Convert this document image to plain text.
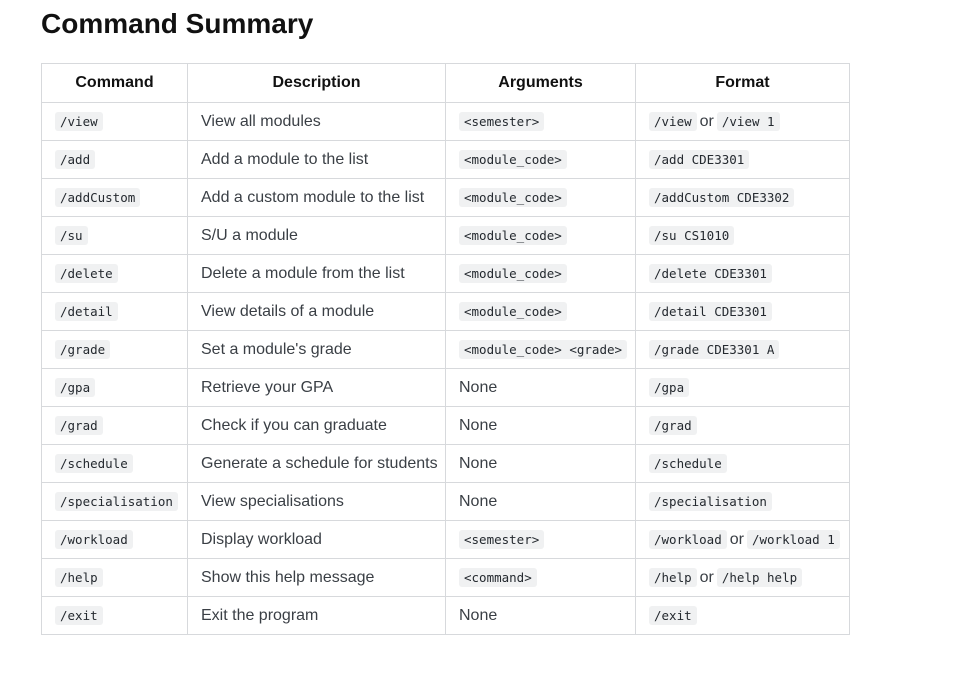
Command Summary
Command	Description	Arguments	Format
/view	View all modules	<semester>	/view or /view 1
/add	Add a module to the list	<module_code>	/add CDE3301
/addCustom	Add a custom module to the list	<module_code>	/addCustom CDE3302
/su	S/U a module	<module_code>	/su CS1010
/delete	Delete a module from the list	<module_code>	/delete CDE3301
/detail	View details of a module	<module_code>	/detail CDE3301
/grade	Set a module's grade	<module_code> <grade>	/grade CDE3301 A
/gpa	Retrieve your GPA	None	/gpa
/grad	Check if you can graduate	None	/grad
/schedule	Generate a schedule for students	None	/schedule
/specialisation	View specialisations	None	/specialisation
/workload	Display workload	<semester>	/workload or /workload 1
/help	Show this help message	<command>	/help or /help help
/exit	Exit the program	None	/exit
